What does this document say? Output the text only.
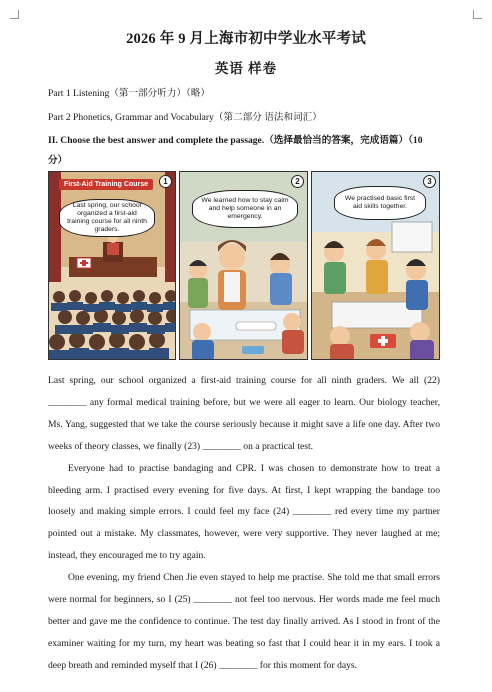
2026 年 9 月上海市初中学业水平考试
英语 样卷
Part 1 Listening（第一部分听力）（略）
Part 2 Phonetics, Grammar and Vocabulary（第二部分 语法和词汇）
II. Choose the best answer and complete the passage.（选择最恰当的答案，完成语篇）（10 分）
First-Aid Training Course
Last spring, our school organized a first-aid training course for all ninth graders.
1
We learned how to stay calm and help someone in an emergency.
2
We practised basic first aid skills together.
3

Last spring, our school organized a first-aid training course for all ninth graders. We all (22) ________ any formal medical training before, but we were all eager to learn. Our biology teacher, Ms. Yang, suggested that we take the course seriously because it might save a life one day. After two weeks of theory classes, we finally (23) ________ on a practical test.

Everyone had to practise bandaging and CPR. I was chosen to demonstrate how to treat a bleeding arm. I practised every evening for five days. At first, I kept wrapping the bandage too loosely and making simple errors. I could feel my face (24) ________ red every time my partner pointed out a mistake. My classmates, however, were very supportive. They never laughed at me; instead, they encouraged me to try again.

One evening, my friend Chen Jie even stayed to help me practise. She told me that small errors were normal for beginners, so I (25) ________ not feel too nervous. Her words made me feel much better and gave me the confidence to continue. The test day finally arrived. As I stood in front of the examiner waiting for my turn, my heart was beating so fast that I could hear it in my ears. I took a deep breath and reminded myself that I (26) ________ for this moment for days.
